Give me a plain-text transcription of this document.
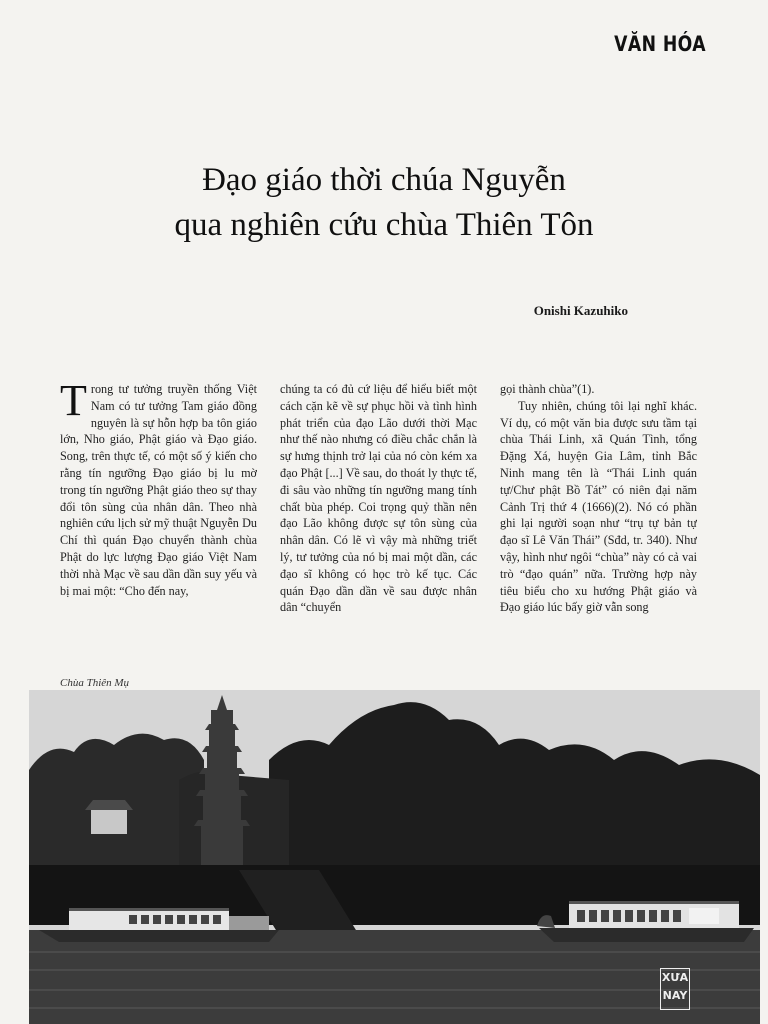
VĂN HÓA
Đạo giáo thời chúa Nguyễn
qua nghiên cứu chùa Thiên Tôn
Onishi Kazuhiko
T rong tư tưởng truyền thống Việt Nam có tư tưởng Tam giáo đồng nguyên là sự hỗn hợp ba tôn giáo lớn, Nho giáo, Phật giáo và Đạo giáo. Song, trên thực tế, có một số ý kiến cho rằng tín ngưỡng Đạo giáo bị lu mờ trong tín ngưỡng Phật giáo theo sự thay đổi tôn sùng của nhân dân. Theo nhà nghiên cứu lịch sử mỹ thuật Nguyễn Du Chí thì quán Đạo chuyển thành chùa Phật do lực lượng Đạo giáo Việt Nam thời nhà Mạc về sau dần dần suy yếu và bị mai một: “Cho đến nay,

chúng ta có đủ cứ liệu để hiểu biết một cách cặn kẽ về sự phục hồi và tình hình phát triển của đạo Lão dưới thời Mạc như thế nào nhưng có điều chắc chắn là sự hưng thịnh trở lại của nó còn kém xa đạo Phật [...] Về sau, do thoát ly thực tế, đi sâu vào những tín ngưỡng mang tính chất bùa phép. Coi trọng quỷ thần nên đạo Lão không được sự tôn sùng của nhân dân. Có lẽ vì vậy mà những triết lý, tư tưởng của nó bị mai một dần, các đạo sĩ không có học trò kế tục. Các quán Đạo dần dần về sau được nhân dân “chuyển

gọi thành chùa”(1).

Tuy nhiên, chúng tôi lại nghĩ khác. Ví dụ, có một văn bia được sưu tầm tại chùa Thái Linh, xã Quán Tình, tổng Đặng Xá, huyện Gia Lâm, tỉnh Bắc Ninh mang tên là “Thái Linh quán tự/Chư phật Bồ Tát” có niên đại năm Cảnh Trị thứ 4 (1666)(2). Nó có phần ghi lại người soạn như “trụ tự bản tự đạo sĩ Lê Văn Thái” (Sđd, tr. 340). Như vậy, hình như ngôi “chùa” này có cả vai trò “đạo quán” nữa. Trường hợp này tiêu biểu cho xu hướng Phật giáo và Đạo giáo lúc bấy giờ vẫn song

Chùa Thiên Mụ
XƯA
NAY
